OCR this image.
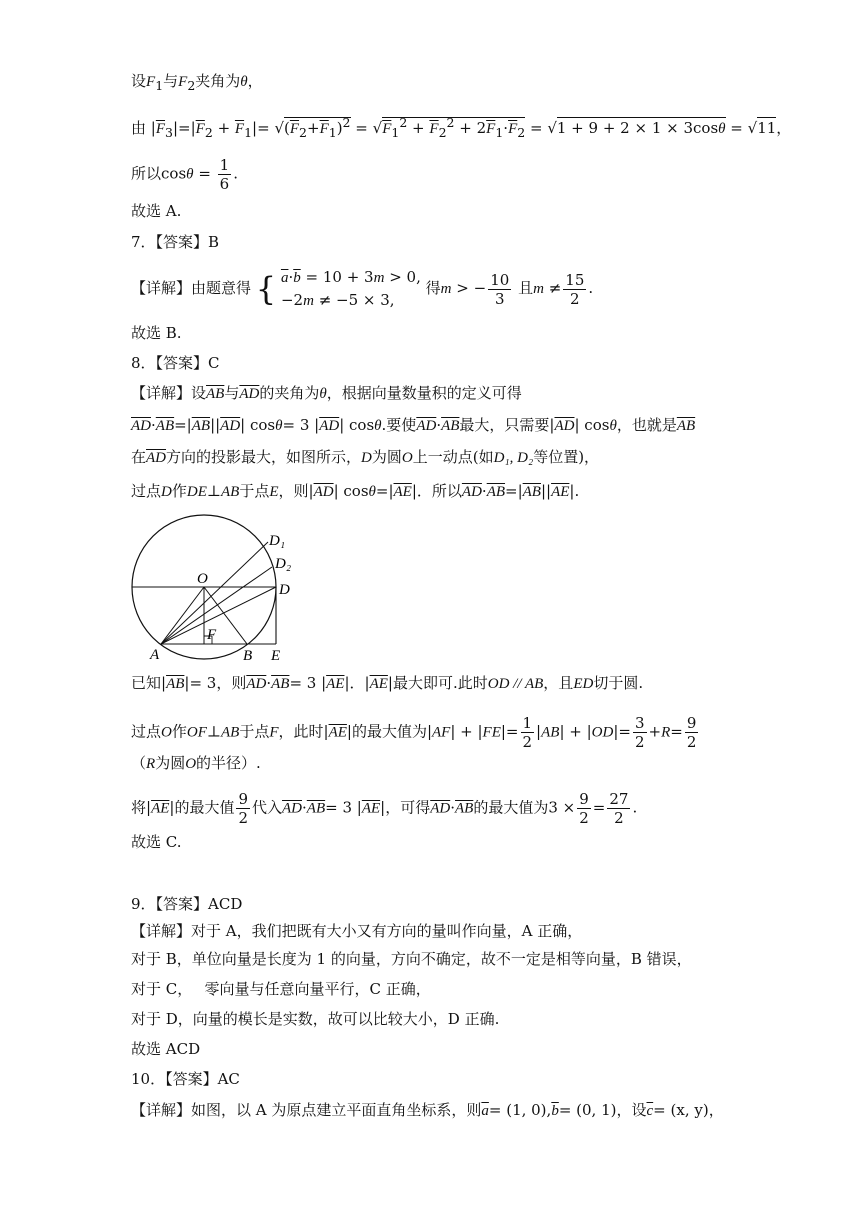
设$F_1$与$F_2$夹角为θ，
由 $|\overline{F}_3|=|\overline{F}_2 + \overline{F}_1|= √(\overline{F}_2+\overline{F}_1)^2 = √F_1^2 + \overline{F}_2^2 + 2\overline{F}_1\cdot\overline{F}_2 = √1 + 9 + 2 \times 1 \times 3\cos\theta = √11$，
所以$\cos\theta = \frac{1}{6}$ .
故选 A.
7．【答案】B
【详解】由题意得 { $\overline{a}\cdot\overline{b} = 10 + 3m > 0$,
−2m ≠ −5 × 3,
得m > − $\frac{10}{3}$ 且$m \ne \frac{15}{2}$ .
故选 B.
8．【答案】C
【详解】设$\overline{AB}$与$\overline{AD}$的夹角为θ，根据向量数量积的定义可得
$\overline{AD}\cdot\overline{AB}=|\overline{AB}||\overline{AD}|$ cosθ= 3 $|\overline{AD}|$ cosθ.要使$\overline{AD}\cdot\overline{AB}$最大，只需要$|\overline{AD}|$ cosθ，也就是$\overline{AB}$
在$\overline{AD}$方向的投影最大，如图所示，D为圆O上一动点(如D₁, D₂等位置)，
过点D作DE⊥AB于点E，则$|\overline{AD}|$ $\cos\theta=|\overline{AE}|$．所以$\overline{AD}\cdot\overline{AB}=|\overline{AB}||\overline{AE}|$.
D₁
D₂
D
O
F
A	B E
已知$|\overline{AB}|= 3$，则$\overline{AD}\cdot\overline{AB}= 3$ $|\overline{AE}|$．$|\overline{AE}|$最大即可.此时OD // AB，且ED切于圆.
过点O作OF⊥AB于点F，此时$|\overline{AE}|$的最大值为$|AF| + |FE|= \frac{1}{2} |AB| + |OD|= \frac{3}{2} +R= \frac{9}{2}$
（R为圆O的半径）.
将$|\overline{AE}|$的最大值 $\frac{9}{2}$ 代入$\overline{AD}\cdot\overline{AB}= 3$ $|\overline{AE}|$，可得$\overline{AD}\cdot\overline{AB}$的最大值为$3 \times \frac{9}{2} = \frac{27}{2}$ .
故选 C.
9．【答案】ACD
【详解】对于 A，我们把既有大小又有方向的量叫作向量，A 正确，
对于 B，单位向量是长度为 1 的向量，方向不确定，故不一定是相等向量，B 错误，
对于 C，　 零向量与任意向量平行，C 正确，
对于 D，向量的模长是实数，故可以比较大小，D 正确.
故选 ACD
10．【答案】AC
【详解】如图，以 A 为原点建立平面直角坐标系，则$\overline{a}= (1$, $0),\overline{b}= (0$, 1)，设$\overline{c}= (x$, y)，
